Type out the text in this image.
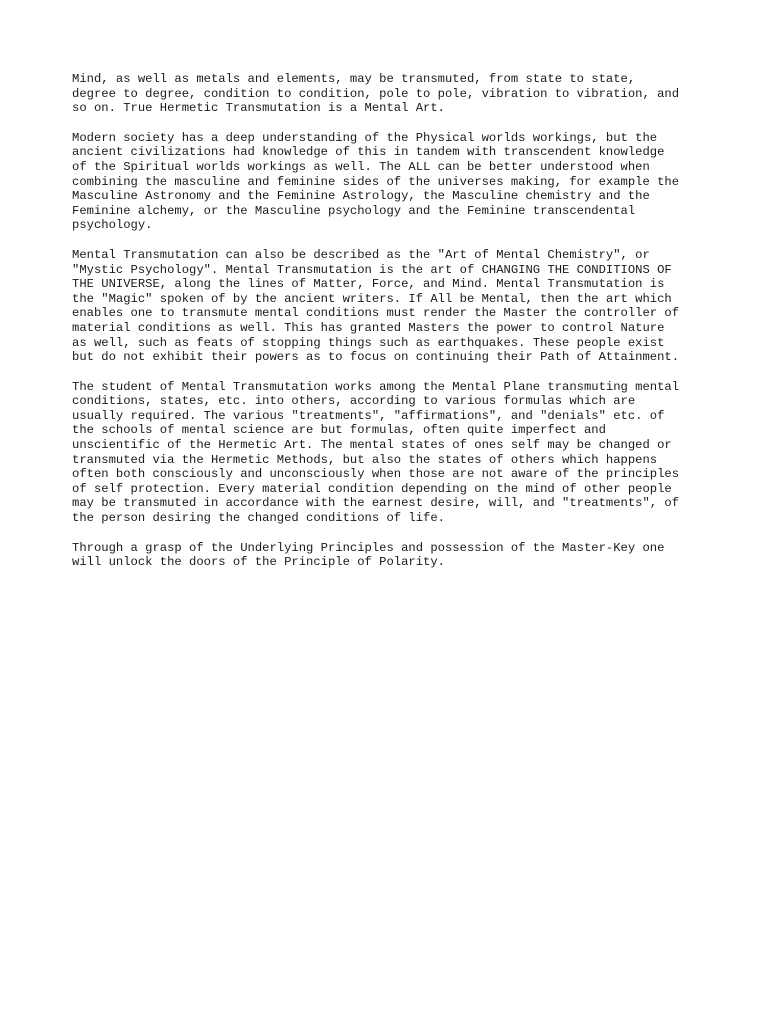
Mind, as well as metals and elements, may be transmuted, from state to state,
degree to degree, condition to condition, pole to pole, vibration to vibration, and
so on. True Hermetic Transmutation is a Mental Art.

Modern society has a deep understanding of the Physical worlds workings, but the
ancient civilizations had knowledge of this in tandem with transcendent knowledge
of the Spiritual worlds workings as well. The ALL can be better understood when
combining the masculine and feminine sides of the universes making, for example the
Masculine Astronomy and the Feminine Astrology, the Masculine chemistry and the
Feminine alchemy, or the Masculine psychology and the Feminine transcendental
psychology.

Mental Transmutation can also be described as the "Art of Mental Chemistry", or
"Mystic Psychology". Mental Transmutation is the art of CHANGING THE CONDITIONS OF
THE UNIVERSE, along the lines of Matter, Force, and Mind. Mental Transmutation is
the "Magic" spoken of by the ancient writers. If All be Mental, then the art which
enables one to transmute mental conditions must render the Master the controller of
material conditions as well. This has granted Masters the power to control Nature
as well, such as feats of stopping things such as earthquakes. These people exist
but do not exhibit their powers as to focus on continuing their Path of Attainment.

The student of Mental Transmutation works among the Mental Plane transmuting mental
conditions, states, etc. into others, according to various formulas which are
usually required. The various "treatments", "affirmations", and "denials" etc. of
the schools of mental science are but formulas, often quite imperfect and
unscientific of the Hermetic Art. The mental states of ones self may be changed or
transmuted via the Hermetic Methods, but also the states of others which happens
often both consciously and unconsciously when those are not aware of the principles
of self protection. Every material condition depending on the mind of other people
may be transmuted in accordance with the earnest desire, will, and "treatments", of
the person desiring the changed conditions of life.

Through a grasp of the Underlying Principles and possession of the Master-Key one
will unlock the doors of the Principle of Polarity.
